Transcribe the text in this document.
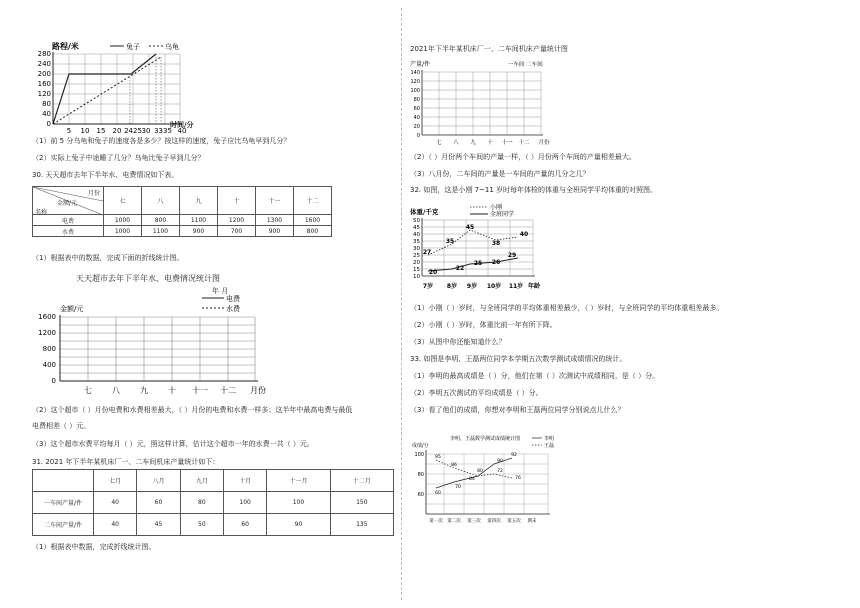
路程/米	兔子	乌龟
280
240
200
160
120
80
40
0
5 10 15 20 2425 30 3335 40
时间/分
（1）前 5 分乌龟和兔子的速度各是多少？按这样的速度，兔子应比乌龟早到几分？
（2）实际上兔子中途睡了几分？乌龟比兔子早到几分？
30. 天天超市去年下半年水、电费情况如下表。
月份
金额/元
名称	七	八	九	十	十一	十二
电费	1000	800	1100	1200	1300	1600
水费	1000	1100	900	700	900	800
（1）根据表中的数据，完成下面的折线统计图。
天天超市去年下半年水、电费情况统计图
年 月
电费
水费
金额/元
1600
1200
800
400
0
七	八	九	十 十一 十二 月份
（2）这个超市（ ）月份电费和水费相差最大，（ ）月份的电费和水费一样多；这半年中最高电费与最低
电费相差（ ）元。
（3）这个超市水费平均每月（ ）元，照这样计算，估计这个超市一年的水费一共（ ）元。
31. 2021 年下半年某机床厂一、二车间机床产量统计如下：
	七月	八月	九月	十月	十一月	十二月
一车间产量/件	40	60	80	100	100	150
二车间产量/件	40	45	50	60	90	135
（1）根据表中数据，完成折线统计图。
2021年下半年某机床厂一、二车间机床产量统计图
产量/件	一车间 二车间
140
120
100
80
60
40
20
0
七 八 九 十 十一 十二 月份
（2）（ ）月份两个车间的产量一样，（ ）月份两个车间的产量相差最大。
（3）八月份，二车间的产量是一车间的产量的几分之几？
32. 如图，这是小刚 7~11 岁时每年体检的体重与全班同学平均体重的对照图。
体重/千克
小刚
全班同学
27
35
45
38
40
20
22
25 26
29
50
45
40
35
30
25
20
15
10
7岁 8岁 9岁 10岁 11岁 年龄
（1）小刚（ ）岁时，与全班同学的平均体重相差最少，（ ）岁时，与全班同学的平均体重相差最多。
（2）小刚（ ）岁时，体重比前一年有所下降。
（3）从图中你还能知道什么？
33. 如图是李明、王磊两位同学本学期五次数学测试成绩情况的统计。
（1）李明的最高成绩是（ ）分，他们在第（ ）次测试中成绩相同，是（ ）分。
（2）李明五次测试的平均成绩是（ ）分。
（3）看了他们的成绩，你想对李明和王磊两位同学分别说点儿什么？
李明、王磊数学测试成绩统计图
成绩/分
李明
王磊
60
70
84
90
92
95
86
80	72
76
100
80
60
第一次 第二次 第三次 第四次 第五次 期末
